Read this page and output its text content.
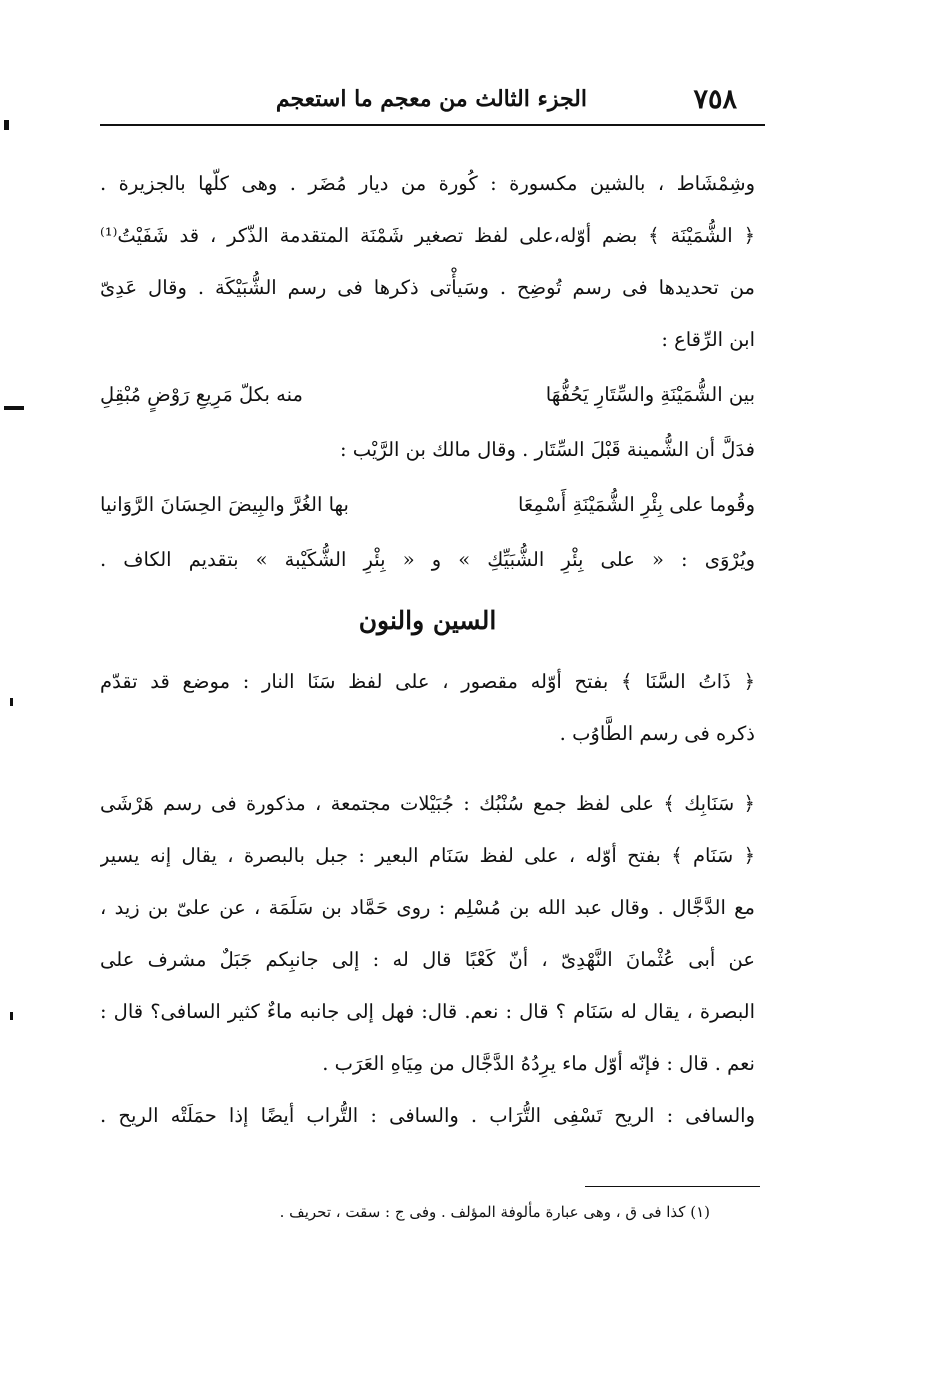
٧٥٨
الجزء الثالث من معجم ما استعجم
وشِمْشَاط ، بالشين مكسورة : كُورة من ديار مُضَر . وهى كلّها بالجزيرة .
﴿ الشُّمَيْنَة ﴾ بضم أوّله،على لفظ تصغير شَمْنَة المتقدمة الذّكر ، قد شَفَيْتُ⁽¹⁾
من تحديدها فى رسم تُوضِح . وسَيأْتى ذكرها فى رسم الشُّبَيْكَة . وقال عَدِىّ
ابن الرِّقاع :
بين الشُّمَيْنَةِ والسِّتَارِ يَحُفُّهَا
منه بكلّ مَرِيعِ رَوْضٍ مُبْقِلِ
فدَلَّ أن الشُّمينة قَبْلَ السِّتَار . وقال مالك بن الرَّيْب :
وقُوما على بِئْرِ الشُّمَيْنَةِ أَسْمِعَا
بها الغُرَّ والبِيضَ الحِسَانَ الرَّوَانيا
ويُرْوَى : « على بِئْرِ الشُّبَيِّكِ » و « بِئْرِ الشُّكَيْبة » بتقديم الكاف .
السين والنون
﴿ ذَاتُ السَّنَا ﴾ بفتح أوّله مقصور ، على لفظ سَنَا النار : موضع قد تقدّم
ذكره فى رسم الطَّاوُب .
﴿ سَنَابِك ﴾ على لفظ جمع سُنْبُك : جُبَيْلات مجتمعة ، مذكورة فى رسم هَرْشَى
﴿ سَنَام ﴾ بفتح أوّله ، على لفظ سَنَام البعير : جبل بالبصرة ، يقال إنه يسير
مع الدَّجَّال . وقال عبد الله بن مُسْلِم : روى حَمَّاد بن سَلَمَة ، عن علىّ بن زيد ،
عن أبى عُثْمانَ النَّهْدِىّ ، أنّ كَعْبًا قال له : إلى جانبِكم جَبَلٌ مشرف على
البصرة ، يقال له سَنَام ؟ قال : نعم. قال: فهل إلى جانبه ماءٌ كثير السافى؟ قال :
نعم . قال : فإنّه أوّل ماء يرِدُهُ الدَّجَّال من مِيَاهِ العَرَب .
والسافى : الريح تَسْفِى التُّرَاب . والسافى : التُّراب أيضًا إذا حمَلَتْه الريح .
(١) كذا فى ق ، وهى عبارة مألوفة المؤلف . وفى ج : سقت ، تحريف .
